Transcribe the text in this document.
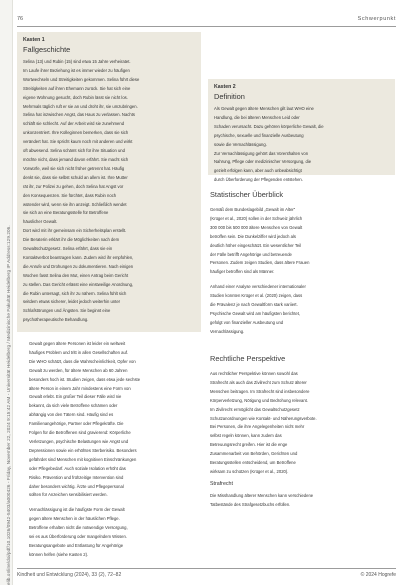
elib.online/doi/pdf/10.1026/0942-5403/a000426 - Friday, November 22, 2024 9:15:42 AM - Universität Heidelberg / Medizinische Fakultät Heidelberg IP Address:129.206.
76	Schwerpunkt
Kasten 1
Fallgeschichte
Selina (13) und Rubin (15) sind etwa 15 Jahre verheiratet.
Im Laufe ihrer Beziehung ist es immer wieder zu häufigen
Wortwechseln und Streitigkeiten gekommen. Selina führt diese
Streitigkeiten auf ihren Ehemann zurück. Sie hat sich eine
eigene Wohnung gesucht, doch Rubin lässt sie nicht los.
Mehrmals täglich ruft er sie an und droht ihr, sie umzubringen.
Selina hat inzwischen Angst, das Haus zu verlassen. Nachts
schläft sie schlecht. Auf der Arbeit wird sie zunehmend
unkonzentriert. Ihre Kolleginnen bemerken, dass sie sich
verändert hat. Sie spricht kaum noch mit anderen und wirkt
oft abwesend. Selina schämt sich für ihre Situation und
möchte nicht, dass jemand davon erfährt. Sie macht sich
Vorwürfe, weil sie sich nicht früher getrennt hat. Häufig
denkt sie, dass sie selbst schuld an allem ist. Ihre Mutter
rät ihr, zur Polizei zu gehen, doch Selina hat Angst vor
den Konsequenzen. Sie fürchtet, dass Rubin noch
wütender wird, wenn sie ihn anzeigt. Schließlich wendet
sie sich an eine Beratungsstelle für Betroffene
häuslicher Gewalt.
Dort wird mit ihr gemeinsam ein Sicherheitsplan erstellt.
Die Beraterin erklärt ihr die Möglichkeiten nach dem
Gewaltschutzgesetz. Selina erfährt, dass sie ein
Kontaktverbot beantragen kann. Zudem wird ihr empfohlen,
die Anrufe und Drohungen zu dokumentieren. Nach einigen
Wochen fasst Selina den Mut, einen Antrag beim Gericht
zu stellen. Das Gericht erlässt eine einstweilige Anordnung,
die Rubin untersagt, sich ihr zu nähern. Selina fühlt sich
seitdem etwas sicherer, leidet jedoch weiterhin unter
Schlafstörungen und Ängsten. Sie beginnt eine
psychotherapeutische Behandlung.
Kasten 2
Definition
Als Gewalt gegen ältere Menschen gilt laut WHO eine
Handlung, die bei älteren Menschen Leid oder
Schaden verursacht. Dazu gehören körperliche Gewalt, die
psychische, sexuelle und finanzielle Ausbeutung
sowie die Vernachlässigung.
Zur Vernachlässigung gehört das Vorenthalten von
Nahrung, Pflege oder medizinischer Versorgung, die
gezielt erfolgen kann, aber auch unbeabsichtigt
durch Überforderung der Pflegenden entstehen.
Gewalt gegen ältere Personen ist leider ein weltweit
häufiges Problem und tritt in allen Gesellschaften auf.
Die WHO schätzt, dass die Wahrscheinlichkeit, Opfer von
Gewalt zu werden, für ältere Menschen ab 60 Jahren
besonders hoch ist. Studien zeigen, dass etwa jede sechste
ältere Person in einem Jahr mindestens eine Form von
Gewalt erlebt. Ein großer Teil dieser Fälle wird nie
bekannt, da sich viele Betroffene schämen oder
abhängig von den Tätern sind. Häufig sind es
Familienangehörige, Partner oder Pflegekräfte. Die
Folgen für die Betroffenen sind gravierend: Körperliche
Verletzungen, psychische Belastungen wie Angst und
Depressionen sowie ein erhöhtes Sterberisiko. Besonders
gefährdet sind Menschen mit kognitiven Einschränkungen
oder Pflegebedarf. Auch soziale Isolation erhöht das
Risiko. Prävention und frühzeitige Intervention sind
daher besonders wichtig. Ärzte und Pflegepersonal
sollten für Anzeichen sensibilisiert werden.
Vernachlässigung ist die häufigste Form der Gewalt
gegen ältere Menschen in der häuslichen Pflege.
Betroffene erhalten nicht die notwendige Versorgung,
sei es aus Überforderung oder mangelndem Wissen.
Beratungsangebote und Entlastung für Angehörige
können helfen (siehe Kasten 2).
Statistischer Überblick
Gemäß dem Bundeslagebild „Gewalt im Alter“
(Krüger et al., 2020) sollen in der Schweiz jährlich
300 000 bis 500 000 ältere Menschen von Gewalt
betroffen sein. Die Dunkelziffer wird jedoch als
deutlich höher eingeschätzt. Ein wesentlicher Teil
der Fälle betrifft Angehörige und betreuende
Personen. Zudem zeigen Studien, dass ältere Frauen
häufiger betroffen sind als Männer.
Anhand einer Analyse verschiedener internationaler
Studien konnten Krüger et al. (2020) zeigen, dass
die Prävalenz je nach Gewaltform stark variiert.
Psychische Gewalt wird am häufigsten berichtet,
gefolgt von finanzieller Ausbeutung und
Vernachlässigung.
Rechtliche Perspektive
Aus rechtlicher Perspektive können sowohl das
Strafrecht als auch das Zivilrecht zum Schutz älterer
Menschen beitragen. Im Strafrecht sind insbesondere
Körperverletzung, Nötigung und Bedrohung relevant.
Im Zivilrecht ermöglicht das Gewaltschutzgesetz
Schutzanordnungen wie Kontakt- und Näherungsverbote.
Bei Personen, die ihre Angelegenheiten nicht mehr
selbst regeln können, kann zudem das
Betreuungsrecht greifen. Hier ist die enge
Zusammenarbeit von Behörden, Gerichten und
Beratungsstellen entscheidend, um Betroffene
wirksam zu schützen (Krüger et al., 2020).
Strafrecht
Die Misshandlung älterer Menschen kann verschiedene
Tatbestände des Strafgesetzbuchs erfüllen.
Kindheit und Entwicklung (2024), 33 (2), 72–82	© 2024 Hogrefe
